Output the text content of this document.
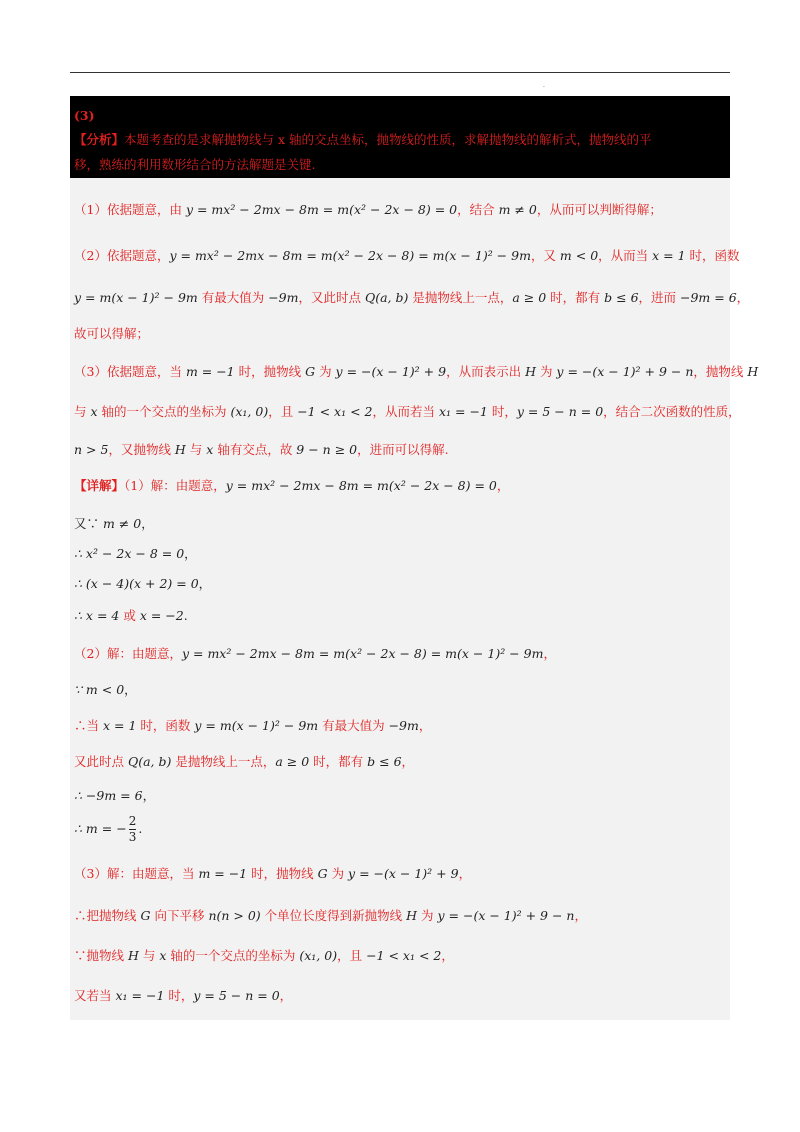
.
(3)
【分析】本题考查的是求解抛物线与 x 轴的交点坐标，抛物线的性质，求解抛物线的解析式，抛物线的平
移，熟练的利用数形结合的方法解题是关键.
（1）依据题意，由 y = mx² − 2mx − 8m = m(x² − 2x − 8) = 0，结合 m ≠ 0，从而可以判断得解；
（2）依据题意，y = mx² − 2mx − 8m = m(x² − 2x − 8) = m(x − 1)² − 9m，又 m < 0，从而当 x = 1 时，函数
y = m(x − 1)² − 9m 有最大值为 −9m，又此时点 Q(a, b) 是抛物线上一点，a ≥ 0 时，都有 b ≤ 6，进而 −9m = 6，
故可以得解；
（3）依据题意，当 m = −1 时，抛物线 G 为 y = −(x − 1)² + 9，从而表示出 H 为 y = −(x − 1)² + 9 − n，抛物线 H
与 x 轴的一个交点的坐标为 (x₁, 0)，且 −1 < x₁ < 2，从而若当 x₁ = −1 时，y = 5 − n = 0，结合二次函数的性质，
n > 5，又抛物线 H 与 x 轴有交点，故 9 − n ≥ 0，进而可以得解.
【详解】（1）解：由题意，y = mx² − 2mx − 8m = m(x² − 2x − 8) = 0，
又∵ m ≠ 0，
∴ x² − 2x − 8 = 0，
∴ (x − 4)(x + 2) = 0，
∴ x = 4 或 x = −2.
（2）解：由题意，y = mx² − 2mx − 8m = m(x² − 2x − 8) = m(x − 1)² − 9m，
∵ m < 0，
∴当 x = 1 时，函数 y = m(x − 1)² − 9m 有最大值为 −9m，
又此时点 Q(a, b) 是抛物线上一点，a ≥ 0 时，都有 b ≤ 6，
∴ −9m = 6，
∴ m = − $\frac{2}{3}$ .
（3）解：由题意，当 m = −1 时，抛物线 G 为 y = −(x − 1)² + 9，
∴把抛物线 G 向下平移 n(n > 0) 个单位长度得到新抛物线 H 为 y = −(x − 1)² + 9 − n，
∵抛物线 H 与 x 轴的一个交点的坐标为 (x₁, 0)，且 −1 < x₁ < 2，
又若当 x₁ = −1 时，y = 5 − n = 0，
